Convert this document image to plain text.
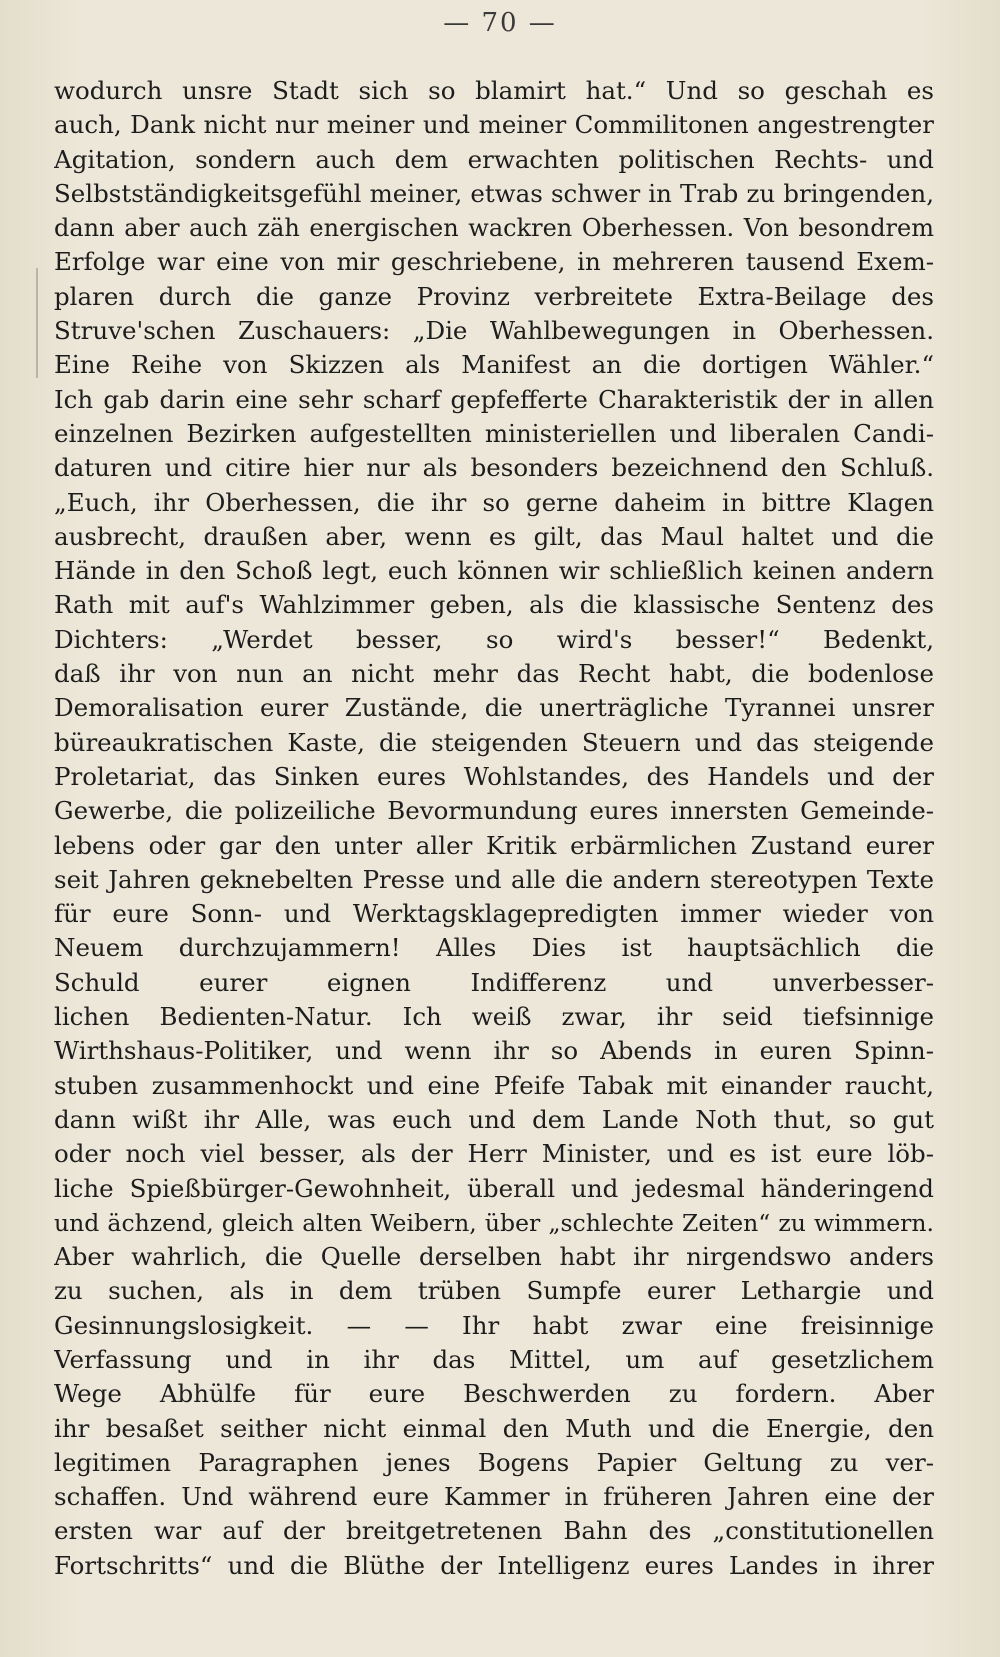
— 70 —
wodurch unsre Stadt sich so blamirt hat.“ Und so geschah es
auch, Dank nicht nur meiner und meiner Commilitonen angestrengter
Agitation, sondern auch dem erwachten politischen Rechts- und
Selbstständigkeitsgefühl meiner, etwas schwer in Trab zu bringenden,
dann aber auch zäh energischen wackren Oberhessen. Von besondrem
Erfolge war eine von mir geschriebene, in mehreren tausend Exem-
plaren durch die ganze Provinz verbreitete Extra-Beilage des
Struve'schen Zuschauers: „Die Wahlbewegungen in Oberhessen.
Eine Reihe von Skizzen als Manifest an die dortigen Wähler.“
Ich gab darin eine sehr scharf gepfefferte Charakteristik der in allen
einzelnen Bezirken aufgestellten ministeriellen und liberalen Candi-
daturen und citire hier nur als besonders bezeichnend den Schluß.
„Euch, ihr Oberhessen, die ihr so gerne daheim in bittre Klagen
ausbrecht, draußen aber, wenn es gilt, das Maul haltet und die
Hände in den Schoß legt, euch können wir schließlich keinen andern
Rath mit auf's Wahlzimmer geben, als die klassische Sentenz des
Dichters: „Werdet besser, so wird's besser!“ Bedenkt,
daß ihr von nun an nicht mehr das Recht habt, die bodenlose
Demoralisation eurer Zustände, die unerträgliche Tyrannei unsrer
büreaukratischen Kaste, die steigenden Steuern und das steigende
Proletariat, das Sinken eures Wohlstandes, des Handels und der
Gewerbe, die polizeiliche Bevormundung eures innersten Gemeinde-
lebens oder gar den unter aller Kritik erbärmlichen Zustand eurer
seit Jahren geknebelten Presse und alle die andern stereotypen Texte
für eure Sonn- und Werktagsklagepredigten immer wieder von
Neuem durchzujammern! Alles Dies ist hauptsächlich die
Schuld eurer eignen Indifferenz und unverbesser-
lichen Bedienten-Natur. Ich weiß zwar, ihr seid tiefsinnige
Wirthshaus-Politiker, und wenn ihr so Abends in euren Spinn-
stuben zusammenhockt und eine Pfeife Tabak mit einander raucht,
dann wißt ihr Alle, was euch und dem Lande Noth thut, so gut
oder noch viel besser, als der Herr Minister, und es ist eure löb-
liche Spießbürger-Gewohnheit, überall und jedesmal händeringend
und ächzend, gleich alten Weibern, über „schlechte Zeiten“ zu wimmern.
Aber wahrlich, die Quelle derselben habt ihr nirgendswo anders
zu suchen, als in dem trüben Sumpfe eurer Lethargie und
Gesinnungslosigkeit. — — Ihr habt zwar eine freisinnige
Verfassung und in ihr das Mittel, um auf gesetzlichem
Wege Abhülfe für eure Beschwerden zu fordern. Aber
ihr besaßet seither nicht einmal den Muth und die Energie, den
legitimen Paragraphen jenes Bogens Papier Geltung zu ver-
schaffen. Und während eure Kammer in früheren Jahren eine der
ersten war auf der breitgetretenen Bahn des „constitutionellen
Fortschritts“ und die Blüthe der Intelligenz eures Landes in ihrer
